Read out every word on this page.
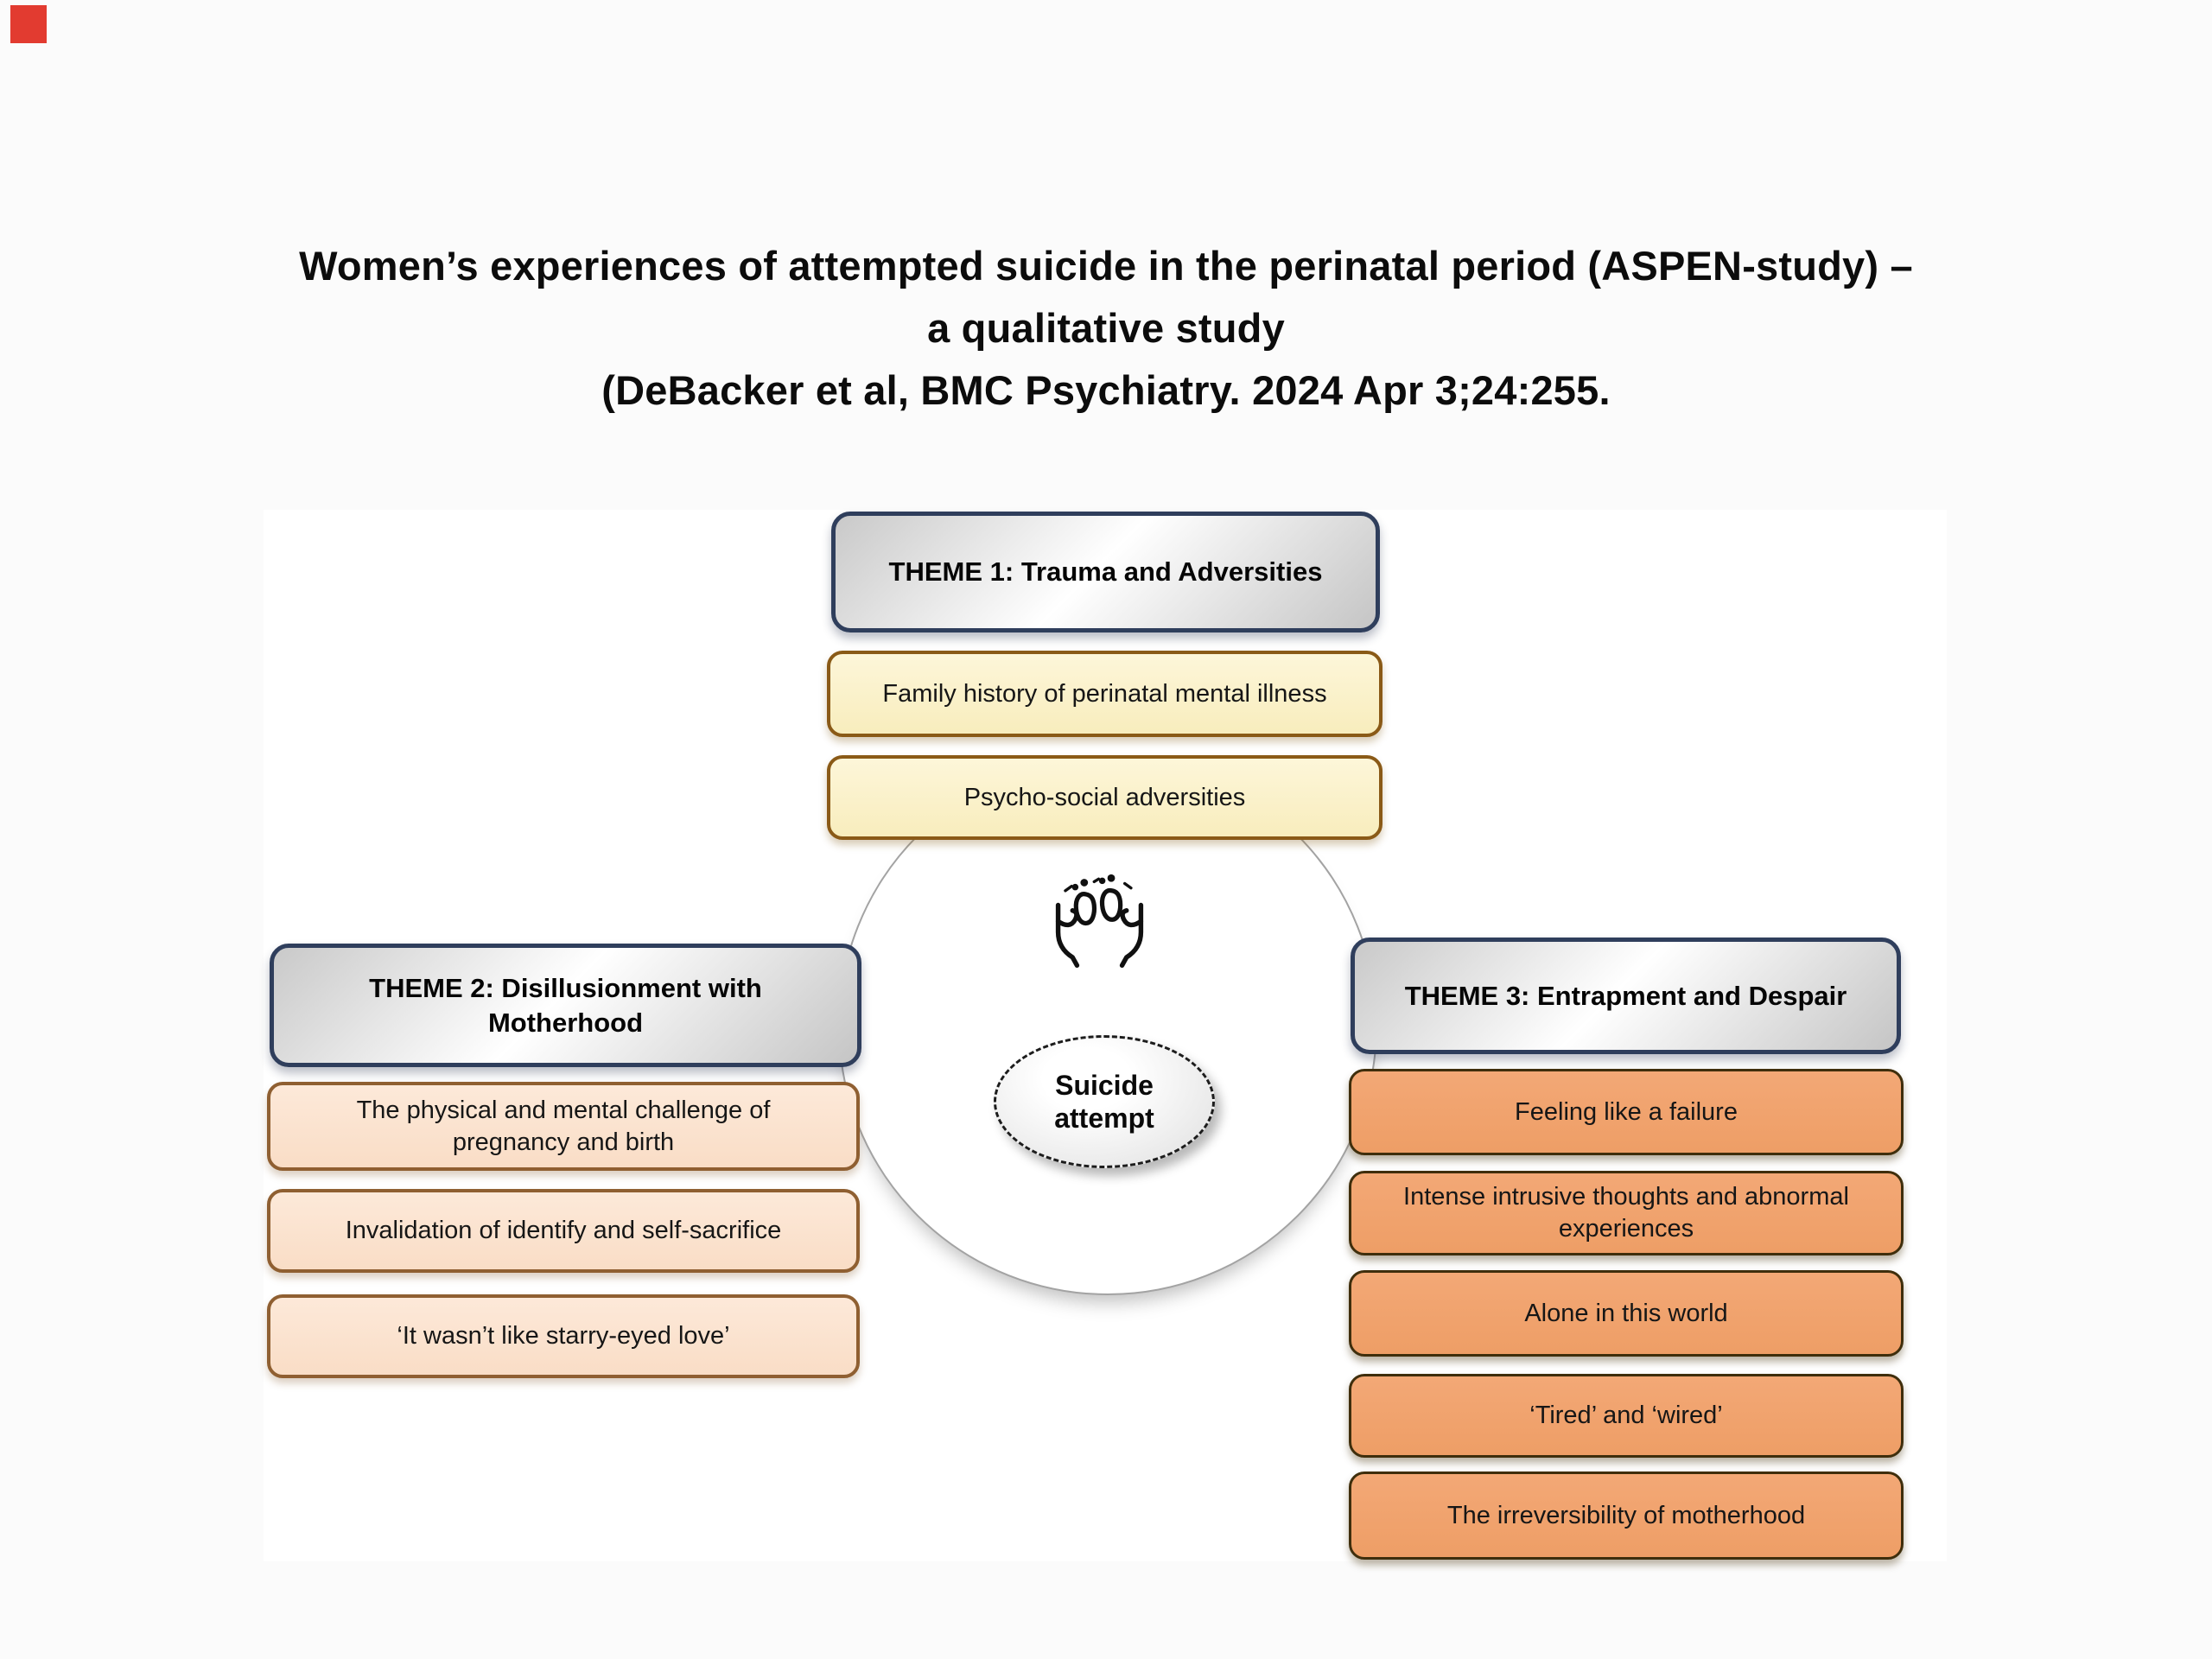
Women’s experiences of attempted suicide in the perinatal period (ASPEN-study) –
a qualitative study
(DeBacker et al, BMC Psychiatry. 2024 Apr 3;24:255.
Suicide
attempt
THEME 1: Trauma and Adversities
Family history of perinatal mental illness
Psycho-social adversities
THEME 2: Disillusionment with Motherhood
The physical and mental challenge of pregnancy and birth
Invalidation of identify and self-sacrifice
‘It wasn’t like starry-eyed love’
THEME 3: Entrapment and Despair
Feeling like a failure
Intense intrusive thoughts and abnormal experiences
Alone in this world
‘Tired’ and ‘wired’
The irreversibility of motherhood
